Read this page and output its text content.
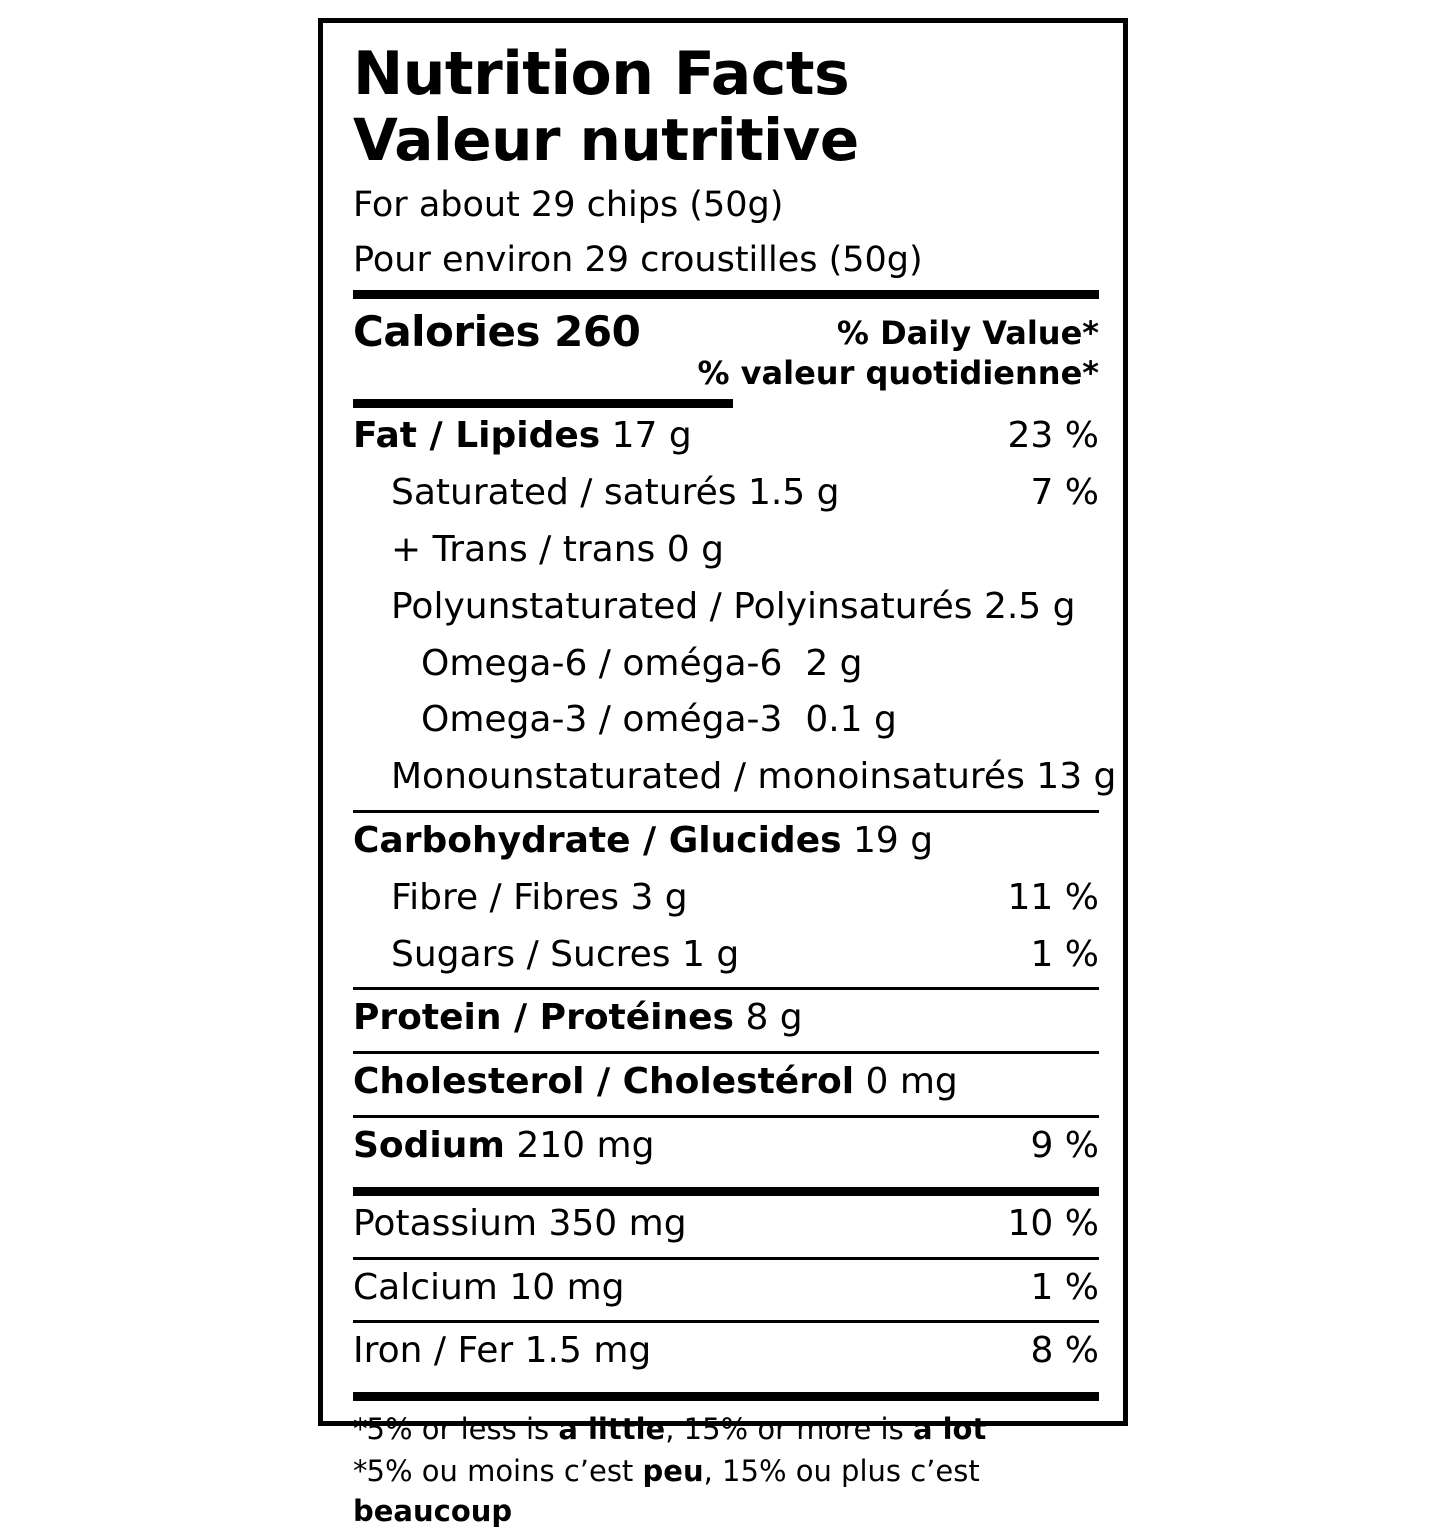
Nutrition Facts
Valeur nutritive
For about 29 chips (50g)
Pour environ 29 croustilles (50g)
Calories 260	% Daily Value*
% valeur quotidienne*
Fat / Lipides 17 g	23 %
Saturated / saturés 1.5 g	7 %
+ Trans / trans 0 g
Polyunstaturated / Polyinsaturés 2.5 g
Omega-6 / oméga-6 2 g
Omega-3 / oméga-3 0.1 g
Monounstaturated / monoinsaturés 13 g
Carbohydrate / Glucides 19 g
Fibre / Fibres 3 g	11 %
Sugars / Sucres 1 g	1 %
Protein / Protéines 8 g
Cholesterol / Cholestérol 0 mg
Sodium 210 mg	9 %
Potassium 350 mg	10 %
Calcium 10 mg	1 %
Iron / Fer 1.5 mg	8 %
*5% or less is a little, 15% or more is a lot
*5% ou moins c’est peu, 15% ou plus c’est beaucoup
